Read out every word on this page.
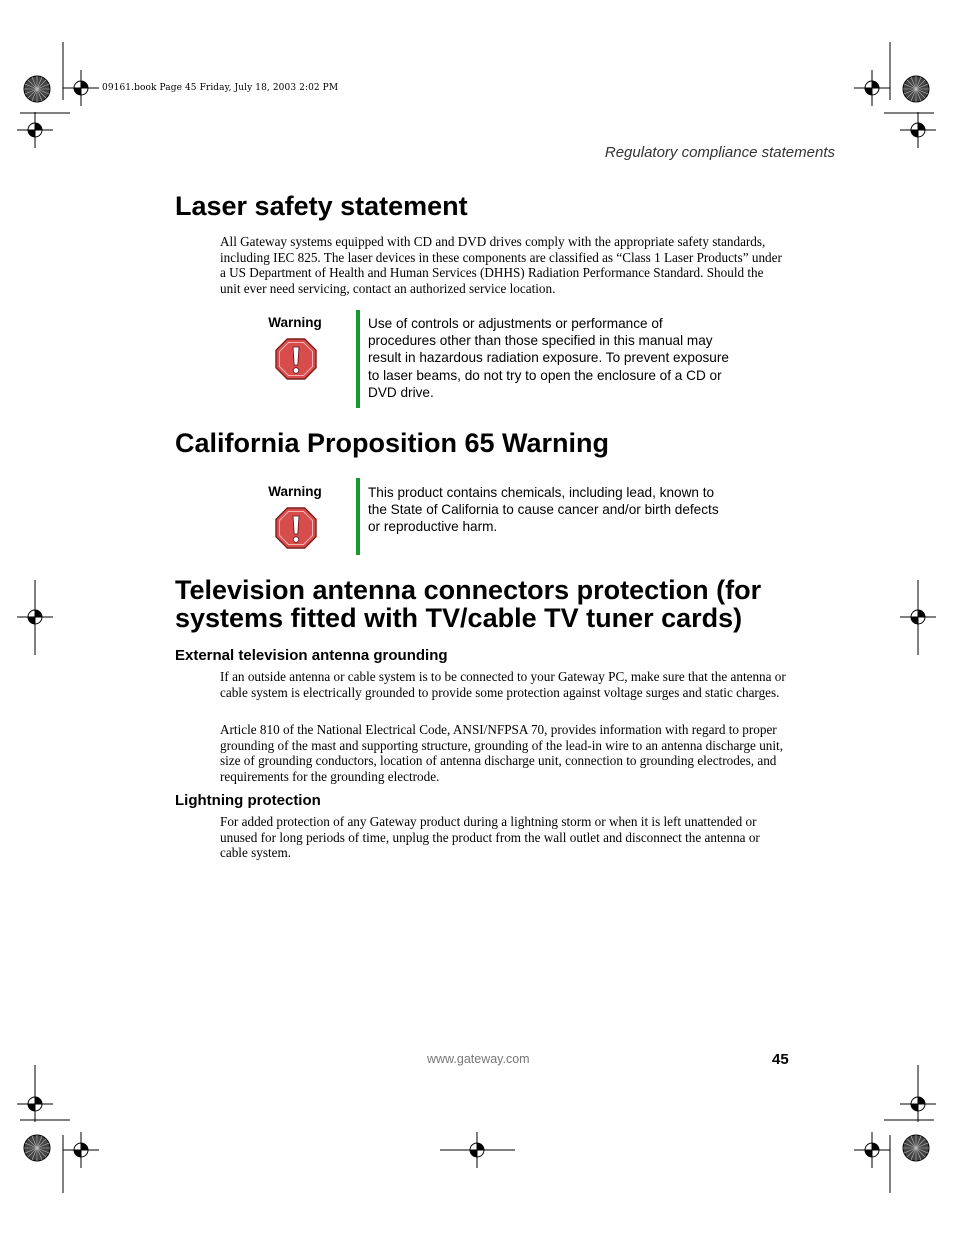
09161.book Page 45 Friday, July 18, 2003 2:02 PM
Regulatory compliance statements
Laser safety statement

All Gateway systems equipped with CD and DVD drives comply with the appropriate safety standards, including IEC 825. The laser devices in these components are classified as “Class 1 Laser Products” under a US Department of Health and Human Services (DHHS) Radiation Performance Standard. Should the unit ever need servicing, contact an authorized service location.

Warning	Use of controls or adjustments or performance of procedures other than those specified in this manual may result in hazardous radiation exposure. To prevent exposure to laser beams, do not try to open the enclosure of a CD or DVD drive.

California Proposition 65 Warning
Warning	This product contains chemicals, including lead, known to the State of California to cause cancer and/or birth defects or reproductive harm.

Television antenna connectors protection (for
systems fitted with TV/cable TV tuner cards)
External television antenna grounding

If an outside antenna or cable system is to be connected to your Gateway PC, make sure that the antenna or cable system is electrically grounded to provide some protection against voltage surges and static charges.

Article 810 of the National Electrical Code, ANSI/NFPSA 70, provides information with regard to proper grounding of the mast and supporting structure, grounding of the lead-in wire to an antenna discharge unit, size of grounding conductors, location of antenna discharge unit, connection to grounding electrodes, and requirements for the grounding electrode.

Lightning protection

For added protection of any Gateway product during a lightning storm or when it is left unattended or unused for long periods of time, unplug the product from the wall outlet and disconnect the antenna or cable system.

www.gateway.com	45
